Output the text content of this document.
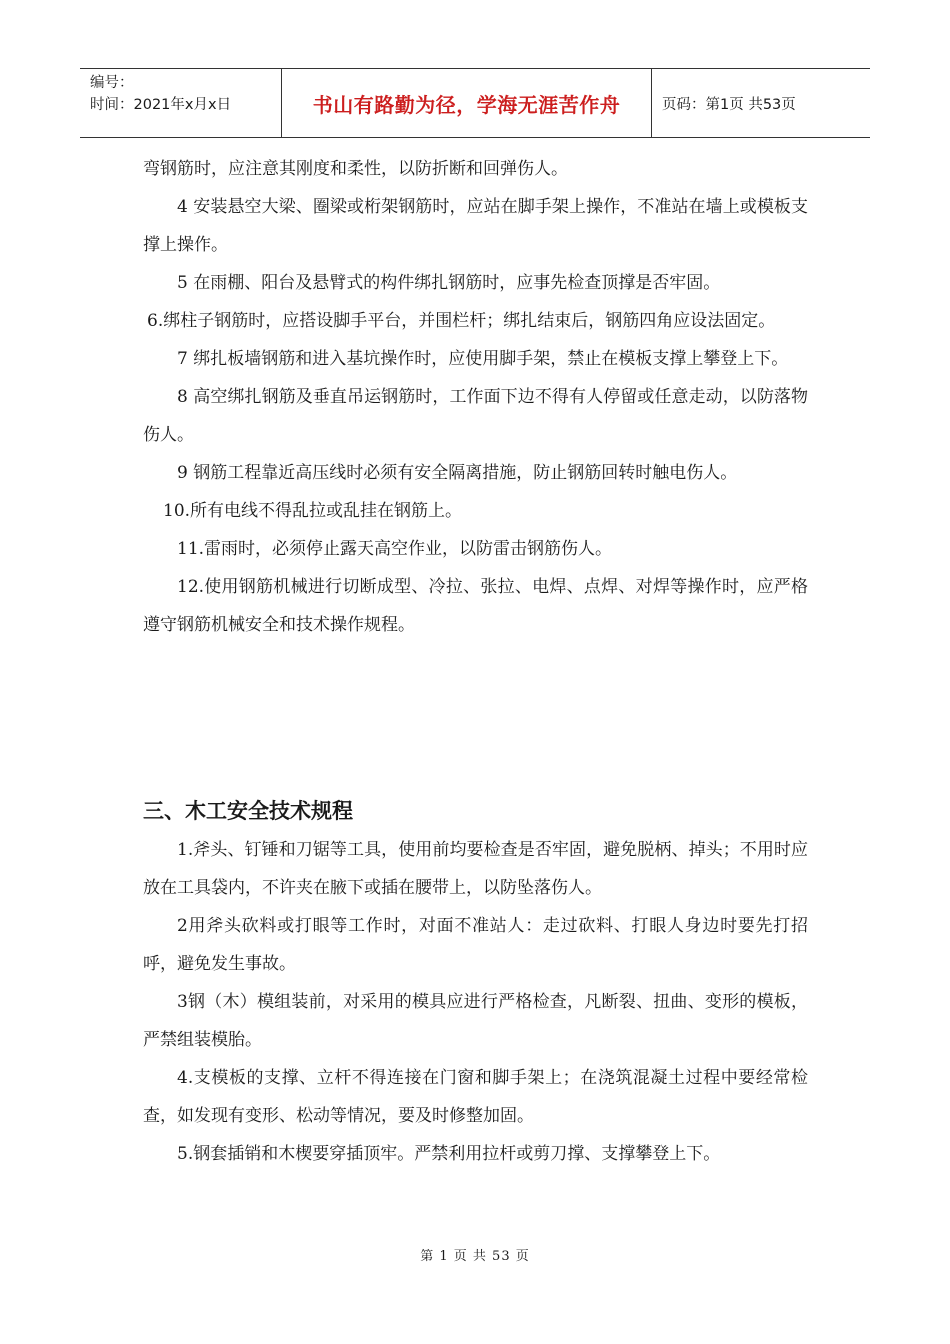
编号：
时间：2021年x月x日	书山有路勤为径，学海无涯苦作舟	页码：第1页 共53页

弯钢筋时，应注意其刚度和柔性，以防折断和回弹伤人。

4 安装悬空大梁、圈梁或桁架钢筋时，应站在脚手架上操作，不准站在墙上或模板支撑上操作。

5 在雨棚、阳台及悬臂式的构件绑扎钢筋时，应事先检查顶撑是否牢固。

6.绑柱子钢筋时，应搭设脚手平台，并围栏杆；绑扎结束后，钢筋四角应设法固定。

7 绑扎板墙钢筋和进入基坑操作时，应使用脚手架，禁止在模板支撑上攀登上下。

8 高空绑扎钢筋及垂直吊运钢筋时，工作面下边不得有人停留或任意走动，以防落物伤人。

9 钢筋工程靠近高压线时必须有安全隔离措施，防止钢筋回转时触电伤人。

10.所有电线不得乱拉或乱挂在钢筋上。

11.雷雨时，必须停止露天高空作业，以防雷击钢筋伤人。

12.使用钢筋机械进行切断成型、冷拉、张拉、电焊、点焊、对焊等操作时，应严格遵守钢筋机械安全和技术操作规程。

三、木工安全技术规程

1.斧头、钉锤和刀锯等工具，使用前均要检查是否牢固，避免脱柄、掉头；不用时应放在工具袋内，不许夹在腋下或插在腰带上，以防坠落伤人。

2用斧头砍料或打眼等工作时，对面不准站人：走过砍料、打眼人身边时要先打招呼，避免发生事故。

3钢（木）模组装前，对采用的模具应进行严格检查，凡断裂、扭曲、变形的模板，严禁组装模胎。

4.支模板的支撑、立杆不得连接在门窗和脚手架上；在浇筑混凝土过程中要经常检查，如发现有变形、松动等情况，要及时修整加固。

5.钢套插销和木楔要穿插顶牢。严禁利用拉杆或剪刀撑、支撑攀登上下。

第 1 页 共 53 页
